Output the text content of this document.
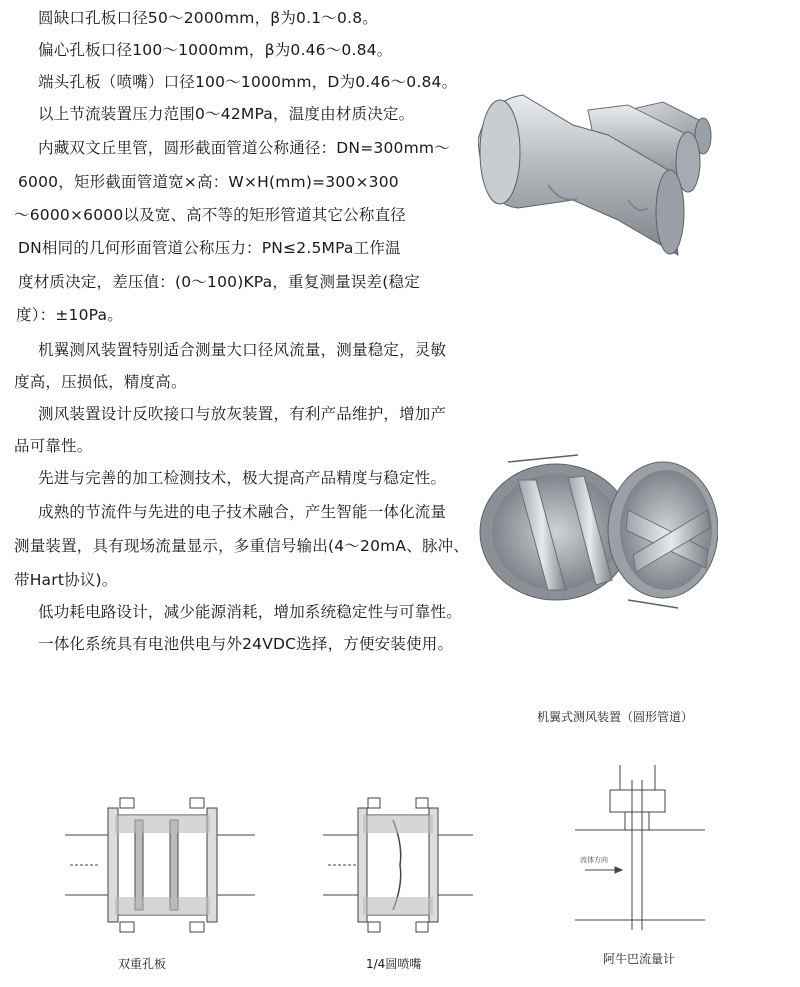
圆缺口孔板口径50～2000mm，β为0.1～0.8。
偏心孔板口径100～1000mm，β为0.46～0.84。
端头孔板（喷嘴）口径100～1000mm，D为0.46～0.84。
以上节流装置压力范围0～42MPa，温度由材质决定。
内藏双文丘里管，圆形截面管道公称通径：DN=300mm～
6000，矩形截面管道宽×高：W×H(mm)=300×300
～6000×6000以及宽、高不等的矩形管道其它公称直径
DN相同的几何形面管道公称压力：PN≤2.5MPa工作温
度材质决定，差压值：(0～100)KPa，重复测量误差(稳定
度）：±10Pa。
机翼测风装置特别适合测量大口径风流量，测量稳定，灵敏
度高，压损低，精度高。
测风装置设计反吹接口与放灰装置，有利产品维护，增加产
品可靠性。
先进与完善的加工检测技术，极大提高产品精度与稳定性。
成熟的节流件与先进的电子技术融合，产生智能一体化流量
测量装置，具有现场流量显示，多重信号输出(4～20mA、脉冲、
带Hart协议)。
低功耗电路设计，减少能源消耗，增加系统稳定性与可靠性。
一体化系统具有电池供电与外24VDC选择，方便安装使用。
机翼式测风装置（圆形管道）
双重孔板	1/4圆喷嘴
流体方向
阿牛巴流量计
